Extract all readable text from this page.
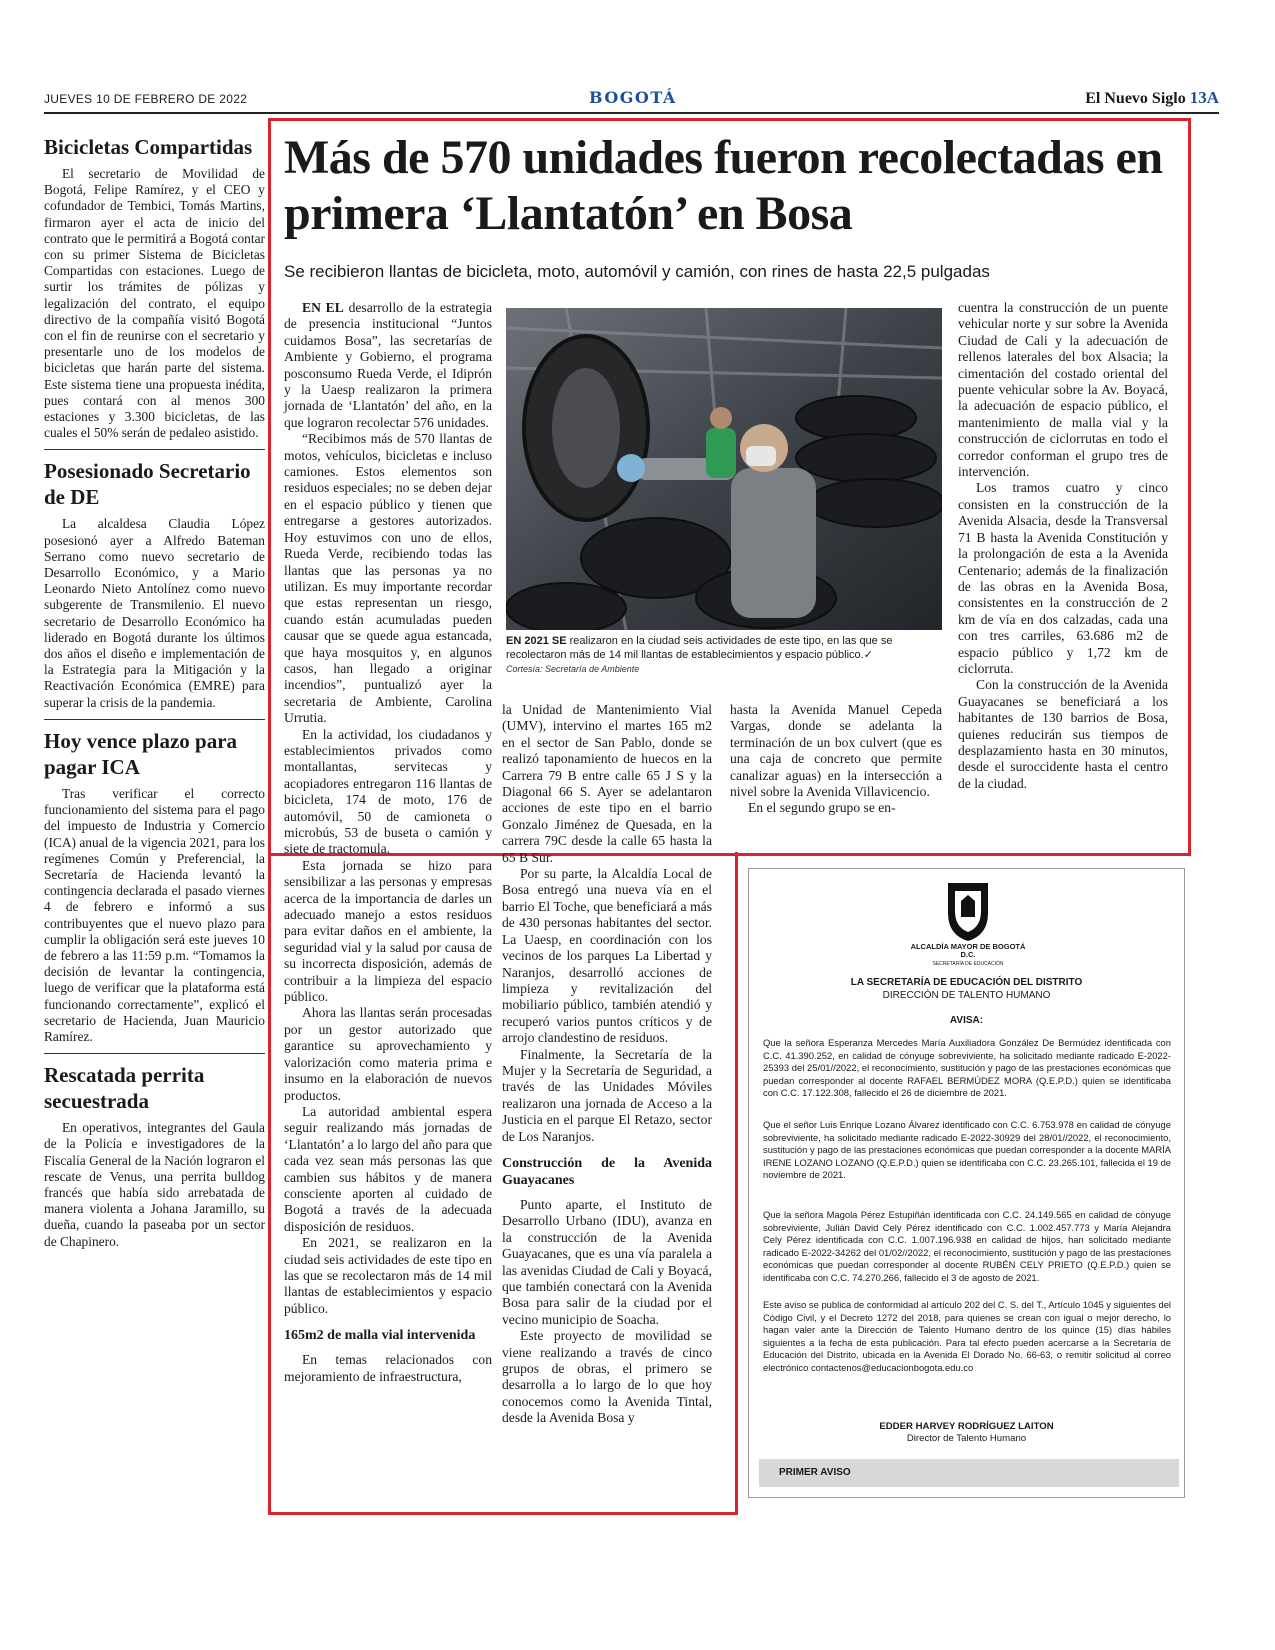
JUEVES 10 DE FEBRERO DE 2022	BOGOTÁ	El Nuevo Siglo 13A
Bicicletas Compartidas

El secretario de Movilidad de Bogotá, Felipe Ramírez, y el CEO y cofundador de Tembici, Tomás Martins, firmaron ayer el acta de inicio del contrato que le permitirá a Bogotá contar con su primer Sistema de Bicicletas Compartidas con estaciones. Luego de surtir los trámites de pólizas y legalización del contrato, el equipo directivo de la compañía visitó Bogotá con el fin de reunirse con el secretario y presentarle uno de los modelos de bicicletas que harán parte del sistema. Este sistema tiene una propuesta inédita, pues contará con al menos 300 estaciones y 3.300 bicicletas, de las cuales el 50% serán de pedaleo asistido.

Posesionado Secretario de DE

La alcaldesa Claudia López posesionó ayer a Alfredo Bateman Serrano como nuevo secretario de Desarrollo Económico, y a Mario Leonardo Nieto Antolínez como nuevo subgerente de Transmilenio. El nuevo secretario de Desarrollo Económico ha liderado en Bogotá durante los últimos dos años el diseño e implementación de la Estrategia para la Mitigación y la Reactivación Económica (EMRE) para superar la crisis de la pandemia.

Hoy vence plazo para pagar ICA

Tras verificar el correcto funcionamiento del sistema para el pago del impuesto de Industria y Comercio (ICA) anual de la vigencia 2021, para los regímenes Común y Preferencial, la Secretaría de Hacienda levantó la contingencia declarada el pasado viernes 4 de febrero e informó a sus contribuyentes que el nuevo plazo para cumplir la obligación será este jueves 10 de febrero a las 11:59 p.m. “Tomamos la decisión de levantar la contingencia, luego de verificar que la plataforma está funcionando correctamente”, explicó el secretario de Hacienda, Juan Mauricio Ramírez.

Rescatada perrita secuestrada

En operativos, integrantes del Gaula de la Policía e investigadores de la Fiscalía General de la Nación lograron el rescate de Venus, una perrita bulldog francés que había sido arrebatada de manera violenta a Johana Jaramillo, su dueña, cuando la paseaba por un sector de Chapinero.

Más de 570 unidades fueron recolectadas en primera ‘Llantatón’ en Bosa
Se recibieron llantas de bicicleta, moto, automóvil y camión, con rines de hasta 22,5 pulgadas

EN EL desarrollo de la estrategia de presencia institucional “Juntos cuidamos Bosa”, las secretarías de Ambiente y Gobierno, el programa posconsumo Rueda Verde, el Idiprón y la Uaesp realizaron la primera jornada de ‘Llantatón’ del año, en la que lograron recolectar 576 unidades.

“Recibimos más de 570 llantas de motos, vehículos, bicicletas e incluso camiones. Estos elementos son residuos especiales; no se deben dejar en el espacio público y tienen que entregarse a gestores autorizados. Hoy estuvimos con uno de ellos, Rueda Verde, recibiendo todas las llantas que las personas ya no utilizan. Es muy importante recordar que estas representan un riesgo, cuando están acumuladas pueden causar que se quede agua estancada, que haya mosquitos y, en algunos casos, han llegado a originar incendios”, puntualizó ayer la secretaria de Ambiente, Carolina Urrutia.

En la actividad, los ciudadanos y establecimientos privados como montallantas, servitecas y acopiadores entregaron 116 llantas de bicicleta, 174 de moto, 176 de automóvil, 50 de camioneta o microbús, 53 de buseta o camión y siete de tractomula.

Esta jornada se hizo para sensibilizar a las personas y empresas acerca de la importancia de darles un adecuado manejo a estos residuos para evitar daños en el ambiente, la seguridad vial y la salud por causa de su incorrecta disposición, además de contribuir a la limpieza del espacio público.

Ahora las llantas serán procesadas por un gestor autorizado que garantice su aprovechamiento y valorización como materia prima e insumo en la elaboración de nuevos productos.

La autoridad ambiental espera seguir realizando más jornadas de ‘Llantatón’ a lo largo del año para que cada vez sean más personas las que cambien sus hábitos y de manera consciente aporten al cuidado de Bogotá a través de la adecuada disposición de residuos.

En 2021, se realizaron en la ciudad seis actividades de este tipo en las que se recolectaron más de 14 mil llantas de establecimientos y espacio público.

165m2 de malla vial intervenida

En temas relacionados con mejoramiento de infraestructura,

EN 2021 SE realizaron en la ciudad seis actividades de este tipo, en las que se recolectaron más de 14 mil llantas de establecimientos y espacio público.✓
Cortesía: Secretaría de Ambiente

la Unidad de Mantenimiento Vial (UMV), intervino el martes 165 m2 en el sector de San Pablo, donde se realizó taponamiento de huecos en la Carrera 79 B entre calle 65 J S y la Diagonal 66 S. Ayer se adelantaron acciones de este tipo en el barrio Gonzalo Jiménez de Quesada, en la carrera 79C desde la calle 65 hasta la 65 B Sur.

Por su parte, la Alcaldía Local de Bosa entregó una nueva vía en el barrio El Toche, que beneficiará a más de 430 personas habitantes del sector. La Uaesp, en coordinación con los vecinos de los parques La Libertad y Naranjos, desarrolló acciones de limpieza y revitalización del mobiliario público, también atendió y recuperó varios puntos críticos y de arrojo clandestino de residuos.

Finalmente, la Secretaría de la Mujer y la Secretaría de Seguridad, a través de las Unidades Móviles realizaron una jornada de Acceso a la Justicia en el parque El Retazo, sector de Los Naranjos.

Construcción de la Avenida Guayacanes

Punto aparte, el Instituto de Desarrollo Urbano (IDU), avanza en la construcción de la Avenida Guayacanes, que es una vía paralela a las avenidas Ciudad de Cali y Boyacá, que también conectará con la Avenida Bosa para salir de la ciudad por el vecino municipio de Soacha.

Este proyecto de movilidad se viene realizando a través de cinco grupos de obras, el primero se desarrolla a lo largo de lo que hoy conocemos como la Avenida Tintal, desde la Avenida Bosa y

hasta la Avenida Manuel Cepeda Vargas, donde se adelanta la terminación de un box culvert (que es una caja de concreto que permite canalizar aguas) en la intersección a nivel sobre la Avenida Villavicencio.

En el segundo grupo se en-

cuentra la construcción de un puente vehicular norte y sur sobre la Avenida Ciudad de Cali y la adecuación de rellenos laterales del box Alsacia; la cimentación del costado oriental del puente vehicular sobre la Av. Boyacá, la adecuación de espacio público, el mantenimiento de malla vial y la construcción de ciclorrutas en todo el corredor conforman el grupo tres de intervención.

Los tramos cuatro y cinco consisten en la construcción de la Avenida Alsacia, desde la Transversal 71 B hasta la Avenida Constitución y la prolongación de esta a la Avenida Centenario; además de la finalización de las obras en la Avenida Bosa, consistentes en la construcción de 2 km de vía en dos calzadas, cada una con tres carriles, 63.686 m2 de espacio público y 1,72 km de ciclorruta.

Con la construcción de la Avenida Guayacanes se beneficiará a los habitantes de 130 barrios de Bosa, quienes reducirán sus tiempos de desplazamiento hasta en 30 minutos, desde el suroccidente hasta el centro de la ciudad.

ALCALDÍA MAYOR DE BOGOTÁ D.C.
SECRETARÍA DE EDUCACIÓN
LA SECRETARÍA DE EDUCACIÓN DEL DISTRITO
DIRECCIÓN DE TALENTO HUMANO
AVISA:

Que la señora Esperanza Mercedes María Auxiliadora González De Bermúdez identificada con C.C. 41.390.252, en calidad de cónyuge sobreviviente, ha solicitado mediante radicado E-2022-25393 del 25/01//2022, el reconocimiento, sustitución y pago de las prestaciones económicas que puedan corresponder al docente RAFAEL BERMÚDEZ MORA (Q.E.P.D.) quien se identificaba con C.C. 17.122.308, fallecido el 26 de diciembre de 2021.

Que el señor Luis Enrique Lozano Álvarez identificado con C.C. 6.753.978 en calidad de cónyuge sobreviviente, ha solicitado mediante radicado E-2022-30929 del 28/01//2022, el reconocimiento, sustitución y pago de las prestaciones económicas que puedan corresponder a la docente MARÍA IRENE LOZANO LOZANO (Q.E.P.D.) quien se identificaba con C.C. 23.265.101, fallecida el 19 de noviembre de 2021.

Que la señora Magola Pérez Estupiñán identificada con C.C. 24.149.565 en calidad de cónyuge sobreviviente, Julián David Cely Pérez identificado con C.C. 1.002.457.773 y María Alejandra Cely Pérez identificada con C.C. 1.007.196.938 en calidad de hijos, han solicitado mediante radicado E-2022-34262 del 01/02//2022, el reconocimiento, sustitución y pago de las prestaciones económicas que puedan corresponder al docente RUBÉN CELY PRIETO (Q.E.P.D.) quien se identificaba con C.C. 74.270.266, fallecido el 3 de agosto de 2021.

Este aviso se publica de conformidad al artículo 202 del C. S. del T., Artículo 1045 y siguientes del Código Civil, y el Decreto 1272 del 2018, para quienes se crean con igual o mejor derecho, lo hagan valer ante la Dirección de Talento Humano dentro de los quince (15) días hábiles siguientes a la fecha de esta publicación. Para tal efecto pueden acercarse a la Secretaría de Educación del Distrito, ubicada en la Avenida El Dorado No. 66-63, o remitir solicitud al correo electrónico contactenos@educacionbogota.edu.co

EDDER HARVEY RODRÍGUEZ LAITON
Director de Talento Humano
PRIMER AVISO
